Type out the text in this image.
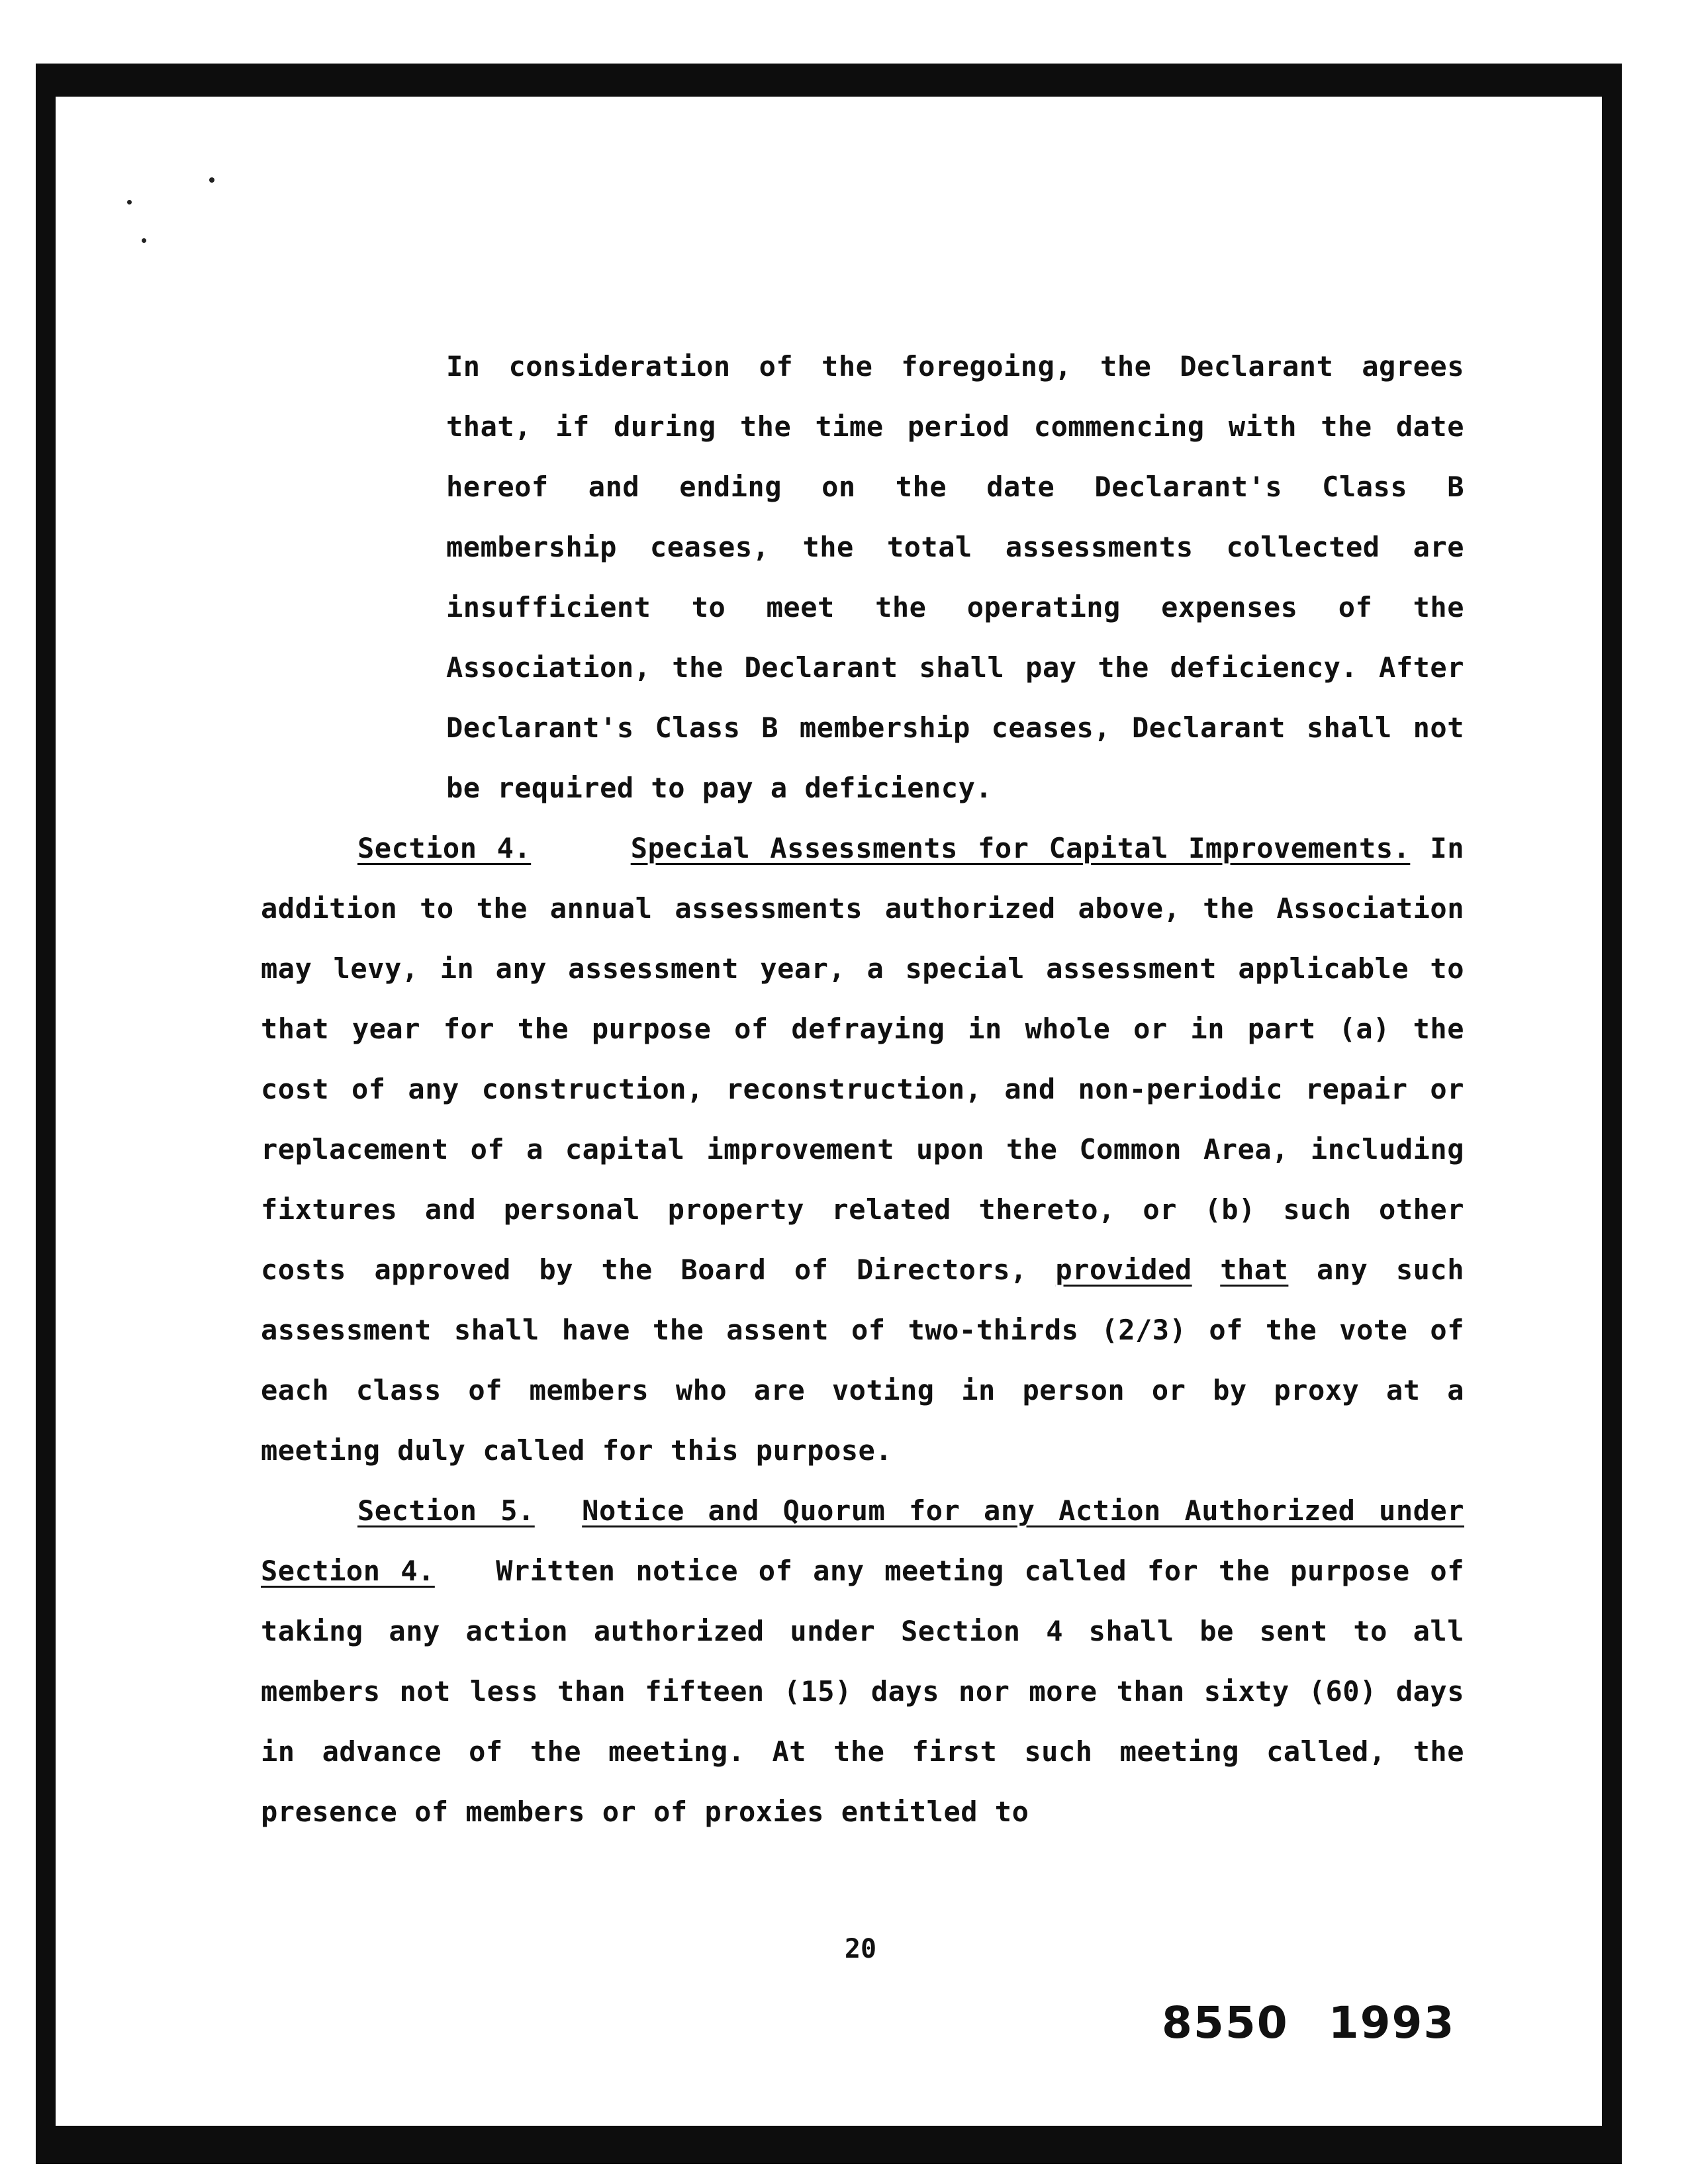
In consideration of the foregoing, the Declarant agrees that, if during the time period commencing with the date hereof and ending on the date Declarant's Class B membership ceases, the total assessments collected are insufficient to meet the operating expenses of the Association, the Declarant shall pay the deficiency. After Declarant's Class B membership ceases, Declarant shall not be required to pay a deficiency.

Section 4.	Special Assessments for Capital Improvements. In addition to the annual assessments authorized above, the Association may levy, in any assessment year, a special assessment applicable to that year for the purpose of defraying in whole or in part (a) the cost of any construction, reconstruction, and non-periodic repair or replacement of a capital improvement upon the Common Area, including fixtures and personal property related thereto, or (b) such other costs approved by the Board of Directors, provided that any such assessment shall have the assent of two-thirds (2/3) of the vote of each class of members who are voting in person or by proxy at a meeting duly called for this purpose.

Section 5. Notice and Quorum for any Action Authorized under Section 4. Written notice of any meeting called for the purpose of taking any action authorized under Section 4 shall be sent to all members not less than fifteen (15) days nor more than sixty (60) days in advance of the meeting. At the first such meeting called, the presence of members or of proxies entitled to

20
8550 1993
